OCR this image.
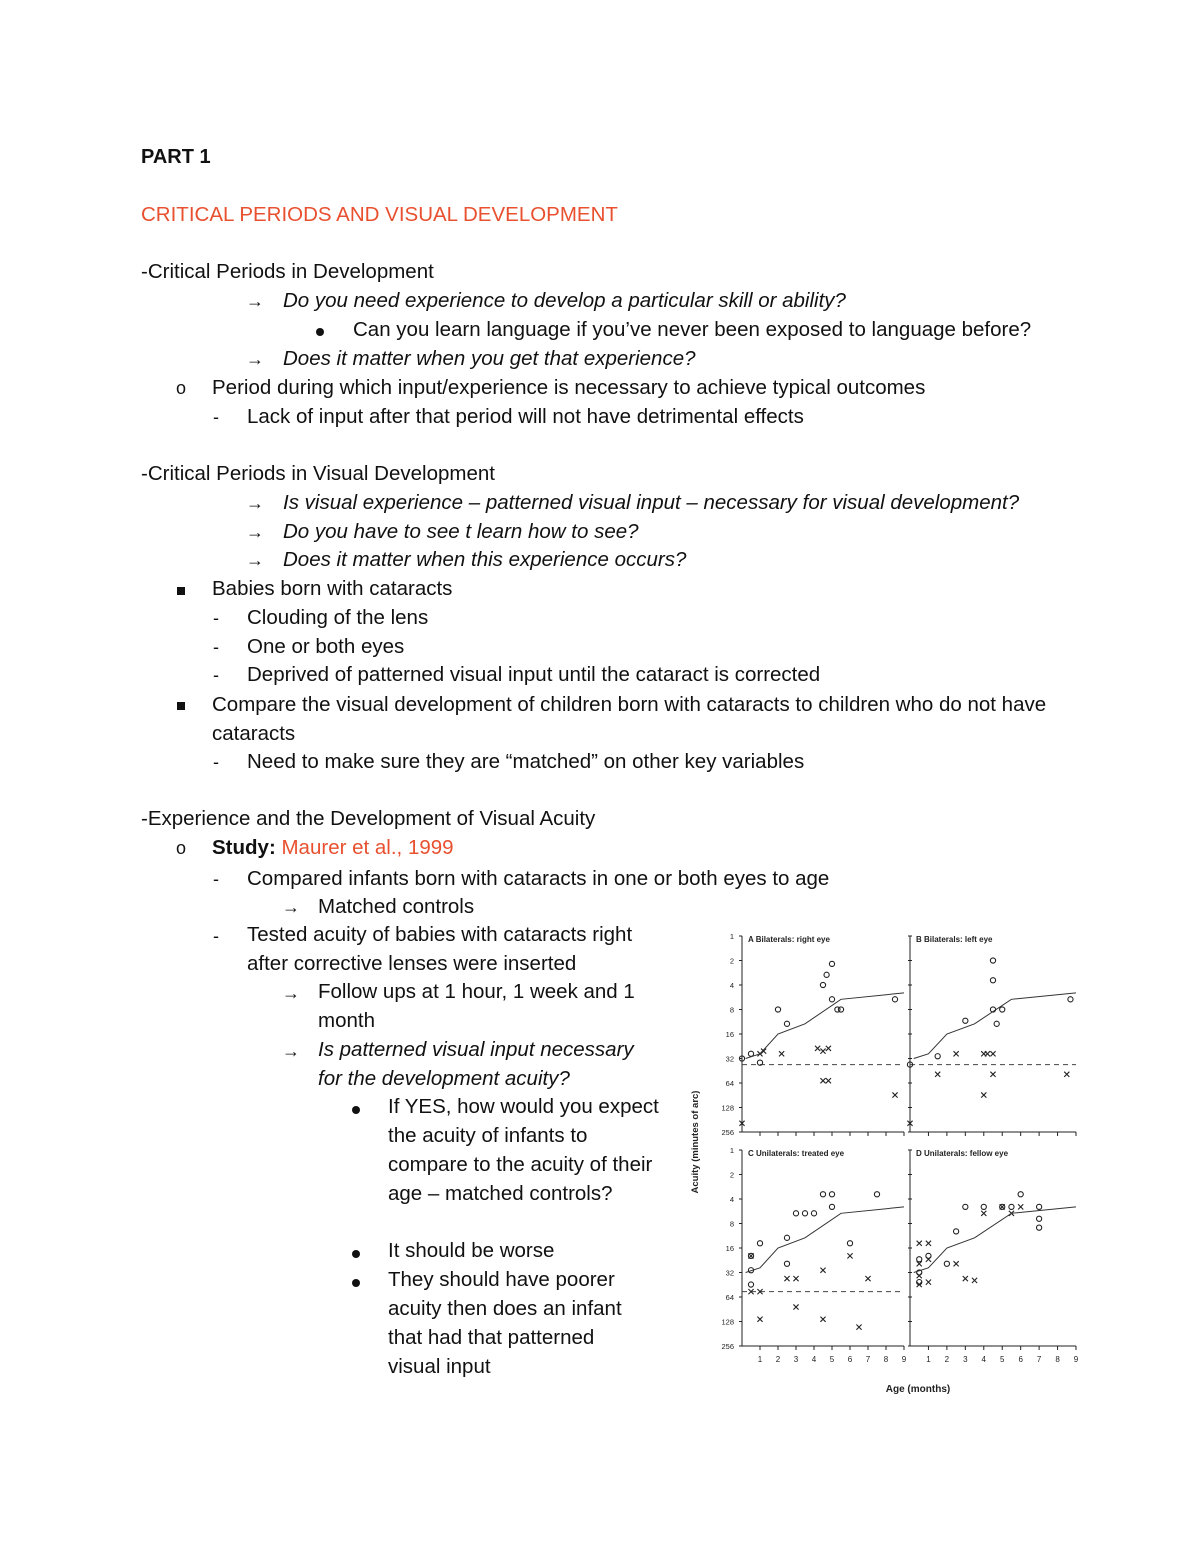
PART 1
CRITICAL PERIODS AND VISUAL DEVELOPMENT
-Critical Periods in Development
→ Do you need experience to develop a particular skill or ability?
Can you learn language if you’ve never been exposed to language before?
→ Does it matter when you get that experience?
o Period during which input/experience is necessary to achieve typical outcomes
- Lack of input after that period will not have detrimental effects
-Critical Periods in Visual Development
→ Is visual experience – patterned visual input – necessary for visual development?
→ Do you have to see t learn how to see?
→ Does it matter when this experience occurs?
Babies born with cataracts
- Clouding of the lens
- One or both eyes
- Deprived of patterned visual input until the cataract is corrected
Compare the visual development of children born with cataracts to children who do not have cataracts
- Need to make sure they are “matched” on other key variables
-Experience and the Development of Visual Acuity
o Study: Maurer et al., 1999
- Compared infants born with cataracts in one or both eyes to age
→ Matched controls
- Tested acuity of babies with cataracts right after corrective lenses were inserted
→ Follow ups at 1 hour, 1 week and 1 month
→ Is patterned visual input necessary for the development acuity?
If YES, how would you expect the acuity of infants to compare to the acuity of their age – matched controls?
It should be worse
They should have poorer acuity then does an infant that had that patterned visual input
1
2
4
8
16
32
64
128
256
A Bilaterals: right eye	B Bilaterals: left eye
1
2
4
8
16
32
64
128
256
1 2 3 4 5 6 7 8 9
C Unilaterals: treated eye
1 2 3 4 5 6 7 8 9
D Unilaterals: fellow eye
Acuity (minutes of arc)
Age (months)
